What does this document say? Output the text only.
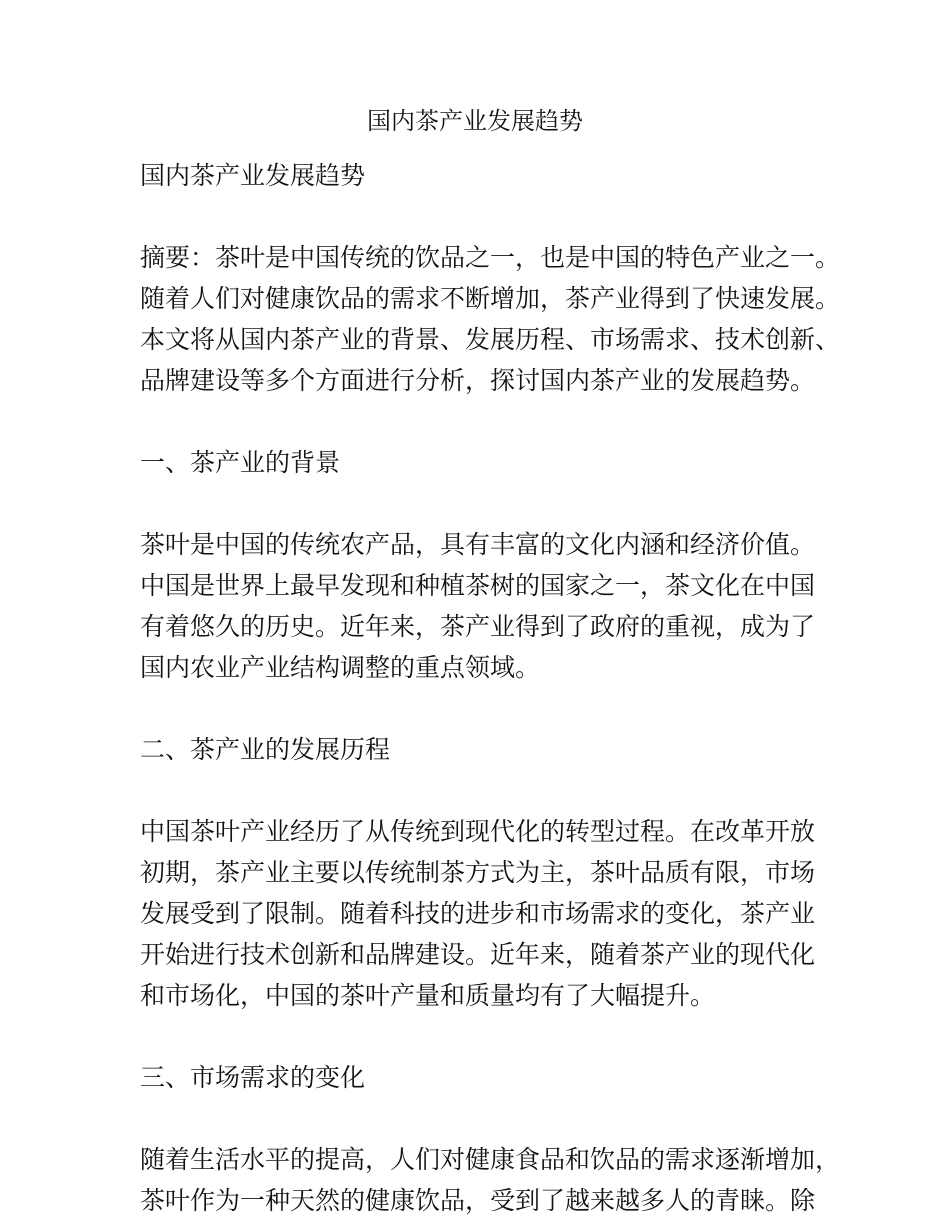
国内茶产业发展趋势

国内茶产业发展趋势

摘要：茶叶是中国传统的饮品之一，也是中国的特色产业之一。

随着人们对健康饮品的需求不断增加，茶产业得到了快速发展。

本文将从国内茶产业的背景、发展历程、市场需求、技术创新、

品牌建设等多个方面进行分析，探讨国内茶产业的发展趋势。

一、茶产业的背景

茶叶是中国的传统农产品，具有丰富的文化内涵和经济价值。

中国是世界上最早发现和种植茶树的国家之一，茶文化在中国

有着悠久的历史。近年来，茶产业得到了政府的重视，成为了

国内农业产业结构调整的重点领域。

二、茶产业的发展历程

中国茶叶产业经历了从传统到现代化的转型过程。在改革开放

初期，茶产业主要以传统制茶方式为主，茶叶品质有限，市场

发展受到了限制。随着科技的进步和市场需求的变化，茶产业

开始进行技术创新和品牌建设。近年来，随着茶产业的现代化

和市场化，中国的茶叶产量和质量均有了大幅提升。

三、市场需求的变化

随着生活水平的提高，人们对健康食品和饮品的需求逐渐增加，

茶叶作为一种天然的健康饮品，受到了越来越多人的青睐。除
